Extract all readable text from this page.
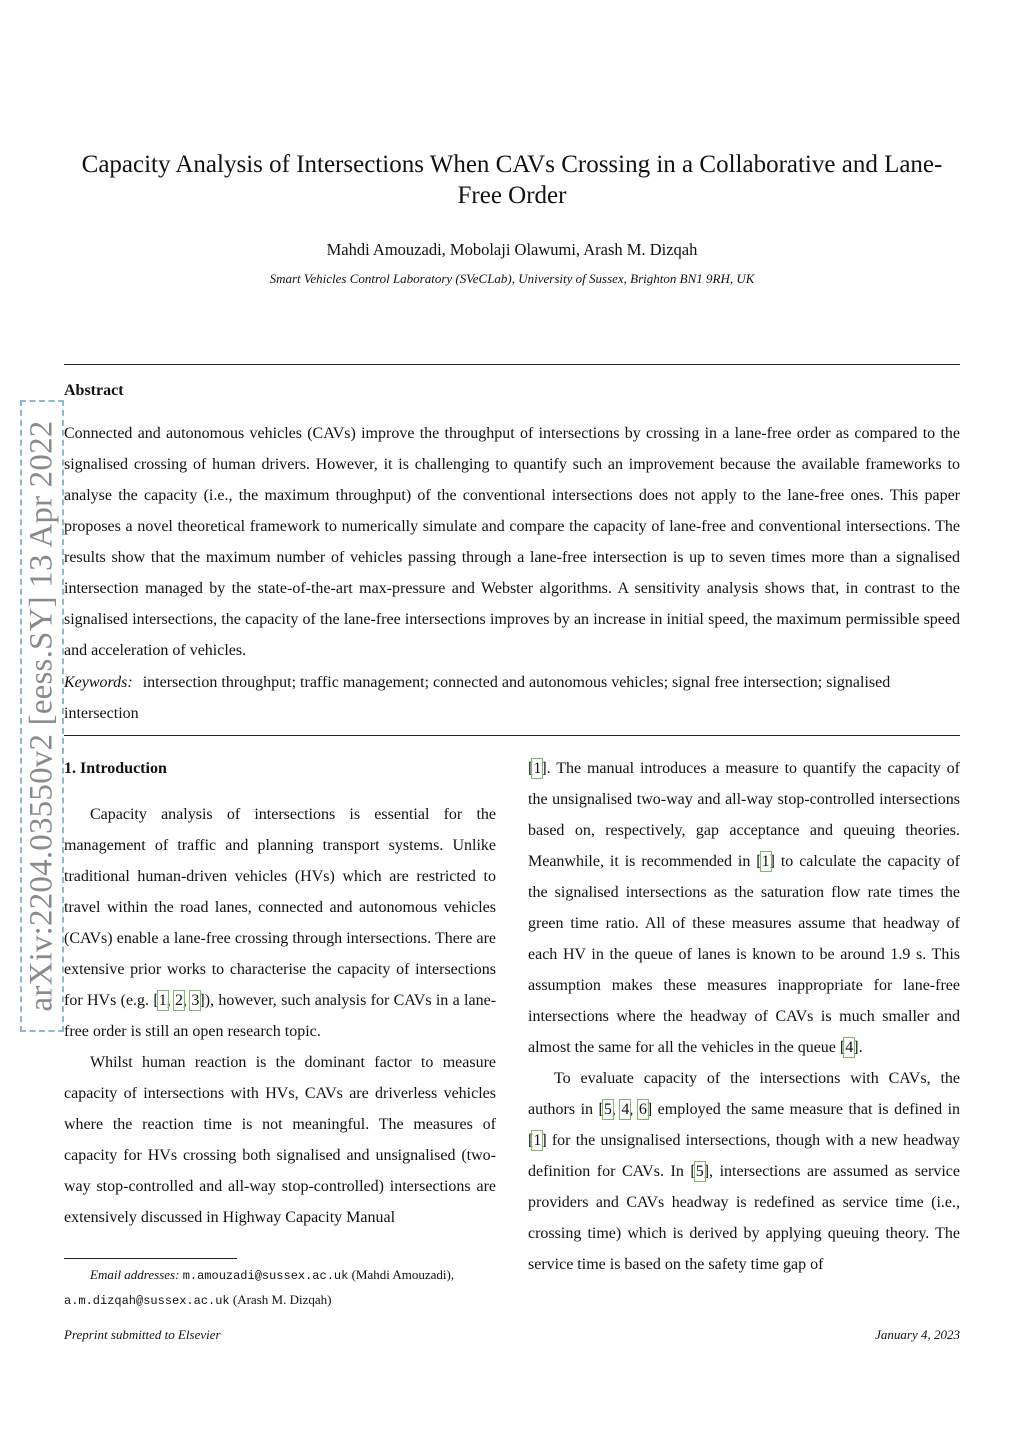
arXiv:2204.03550v2 [eess.SY] 13 Apr 2022
Capacity Analysis of Intersections When CAVs Crossing in a Collaborative and Lane-Free Order
Mahdi Amouzadi, Mobolaji Olawumi, Arash M. Dizqah
Smart Vehicles Control Laboratory (SVeCLab), University of Sussex, Brighton BN1 9RH, UK
Abstract

Connected and autonomous vehicles (CAVs) improve the throughput of intersections by crossing in a lane-free order as compared to the signalised crossing of human drivers. However, it is challenging to quantify such an improvement because the available frameworks to analyse the capacity (i.e., the maximum throughput) of the conventional intersections does not apply to the lane-free ones. This paper proposes a novel theoretical framework to numerically simulate and compare the capacity of lane-free and conventional intersections. The results show that the maximum number of vehicles passing through a lane-free intersection is up to seven times more than a signalised intersection managed by the state-of-the-art max-pressure and Webster algorithms. A sensitivity analysis shows that, in contrast to the signalised intersections, the capacity of the lane-free intersections improves by an increase in initial speed, the maximum permissible speed and acceleration of vehicles.

Keywords: intersection throughput; traffic management; connected and autonomous vehicles; signal free intersection; signalised intersection

1. Introduction

Capacity analysis of intersections is essential for the management of traffic and planning transport systems. Unlike traditional human-driven vehicles (HVs) which are restricted to travel within the road lanes, connected and autonomous vehicles (CAVs) enable a lane-free crossing through intersections. There are extensive prior works to characterise the capacity of intersections for HVs (e.g. [1, 2, 3]), however, such analysis for CAVs in a lane-free order is still an open research topic.

Whilst human reaction is the dominant factor to measure capacity of intersections with HVs, CAVs are driverless vehicles where the reaction time is not meaningful. The measures of capacity for HVs crossing both signalised and unsignalised (two-way stop-controlled and all-way stop-controlled) intersections are extensively discussed in Highway Capacity Manual

[1]. The manual introduces a measure to quantify the capacity of the unsignalised two-way and all-way stop-controlled intersections based on, respectively, gap acceptance and queuing theories. Meanwhile, it is recommended in [1] to calculate the capacity of the signalised intersections as the saturation flow rate times the green time ratio. All of these measures assume that headway of each HV in the queue of lanes is known to be around 1.9 s. This assumption makes these measures inappropriate for lane-free intersections where the headway of CAVs is much smaller and almost the same for all the vehicles in the queue [4].

To evaluate capacity of the intersections with CAVs, the authors in [5, 4, 6] employed the same measure that is defined in [1] for the unsignalised intersections, though with a new headway definition for CAVs. In [5], intersections are assumed as service providers and CAVs headway is redefined as service time (i.e., crossing time) which is derived by applying queuing theory. The service time is based on the safety time gap of

Email addresses: m.amouzadi@sussex.ac.uk (Mahdi Amouzadi),
a.m.dizqah@sussex.ac.uk (Arash M. Dizqah)
Preprint submitted to Elsevier	January 4, 2023
